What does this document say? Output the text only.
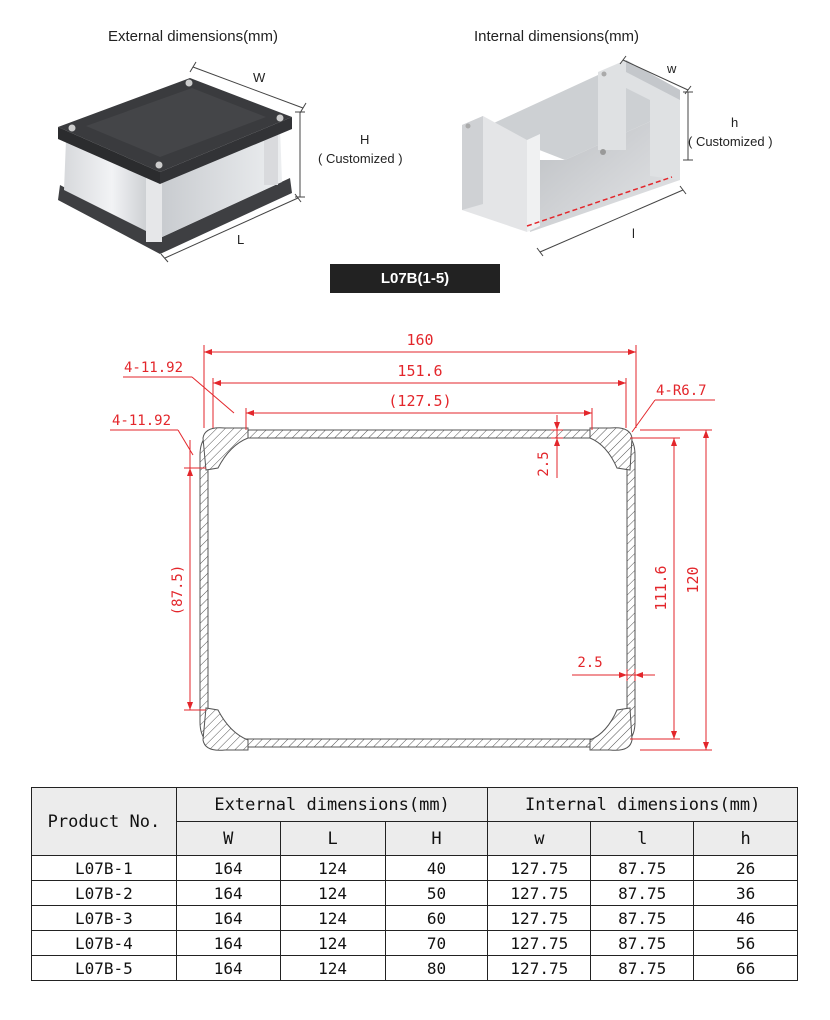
External dimensions(mm)	Internal dimensions(mm)
W
H
( Customized )
L
w
h
( Customized )
l
L07B(1-5)
160
151.6
(127.5)
4-11.92
4-11.92
4-R6.7
2.5
2.5
(87.5)	111.6 120
Product No.	External dimensions(mm)			Internal dimensions(mm)		
	W	L	H	w	l	h
L07B-1	164	124	40	127.75	87.75	26
L07B-2	164	124	50	127.75	87.75	36
L07B-3	164	124	60	127.75	87.75	46
L07B-4	164	124	70	127.75	87.75	56
L07B-5	164	124	80	127.75	87.75	66
